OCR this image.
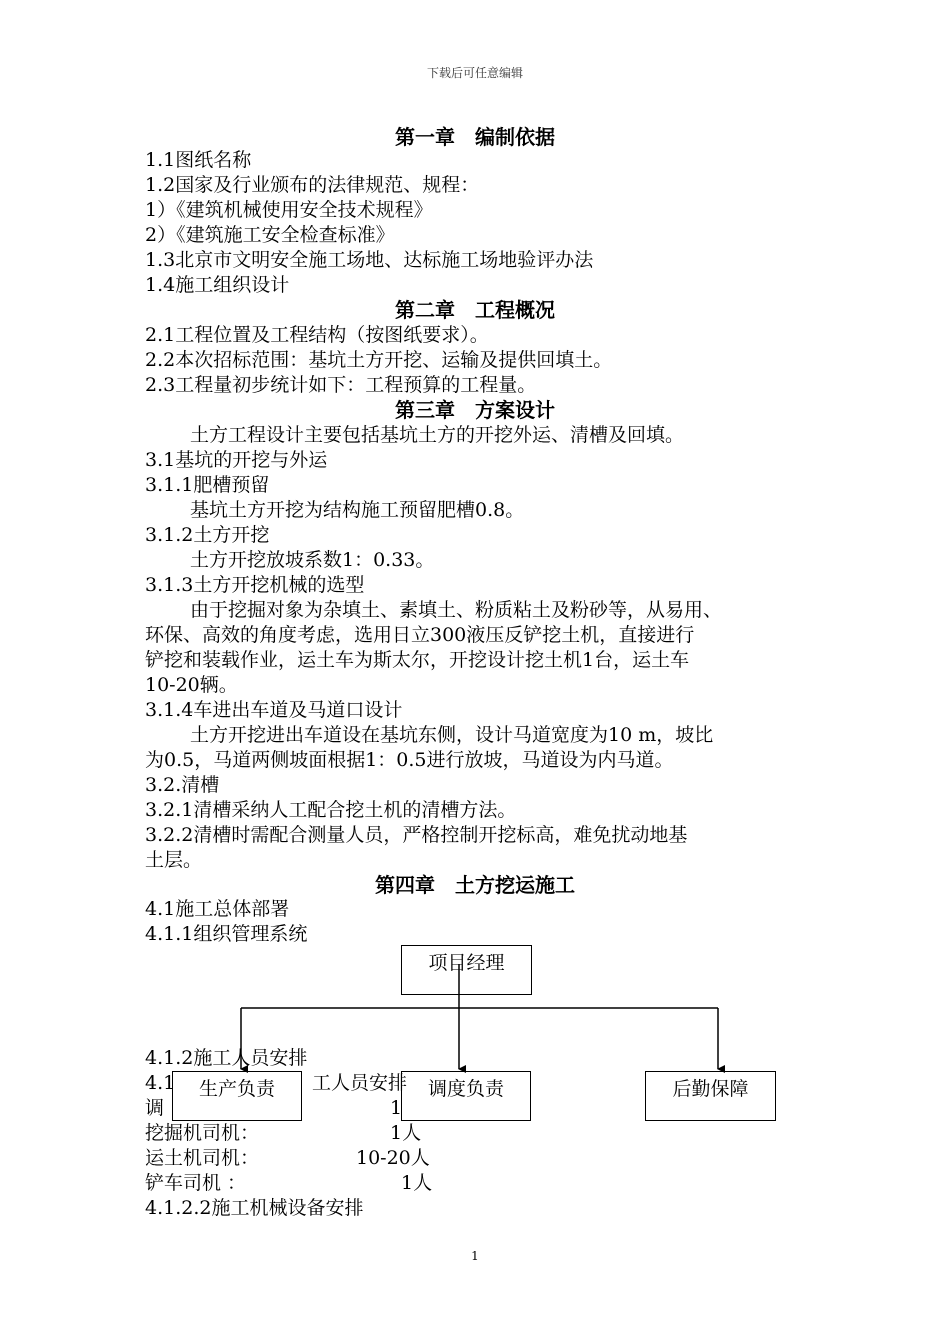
下载后可任意编辑
第一章　编制依据
1.1图纸名称
1.2国家及行业颁布的法律规范、规程：
1）《建筑机械使用安全技术规程》
2）《建筑施工安全检查标准》
1.3北京市文明安全施工场地、达标施工场地验评办法
1.4施工组织设计
第二章　工程概况
2.1工程位置及工程结构（按图纸要求）。
2.2本次招标范围：基坑土方开挖、运输及提供回填土。
2.3工程量初步统计如下：工程预算的工程量。
第三章　方案设计
土方工程设计主要包括基坑土方的开挖外运、清槽及回填。
3.1基坑的开挖与外运
3.1.1肥槽预留
基坑土方开挖为结构施工预留肥槽0.8。
3.1.2土方开挖
土方开挖放坡系数1：0.33。
3.1.3土方开挖机械的选型
由于挖掘对象为杂填土、素填土、粉质粘土及粉砂等，从易用、
环保、高效的角度考虑，选用日立300液压反铲挖土机，直接进行
铲挖和装载作业，运土车为斯太尔，开挖设计挖土机1台，运土车
10-20辆。
3.1.4车进出车道及马道口设计
土方开挖进出车道设在基坑东侧，设计马道宽度为10 m，坡比
为0.5，马道两侧坡面根据1：0.5进行放坡，马道设为内马道。
3.2.清槽
3.2.1清槽采纳人工配合挖土机的清槽方法。
3.2.2清槽时需配合测量人员，严格控制开挖标高，难免扰动地基
土层。
第四章　土方挖运施工
4.1施工总体部署
4.1.1组织管理系统
4.1.2施工人员安排
4.1	工人员安排
调	1
挖掘机司机：	1人
运土机司机：	10-20人
铲车司机 ：	1人
4.1.2.2施工机械设备安排
项目经理
生产负责	调度负责	后勤保障
1
